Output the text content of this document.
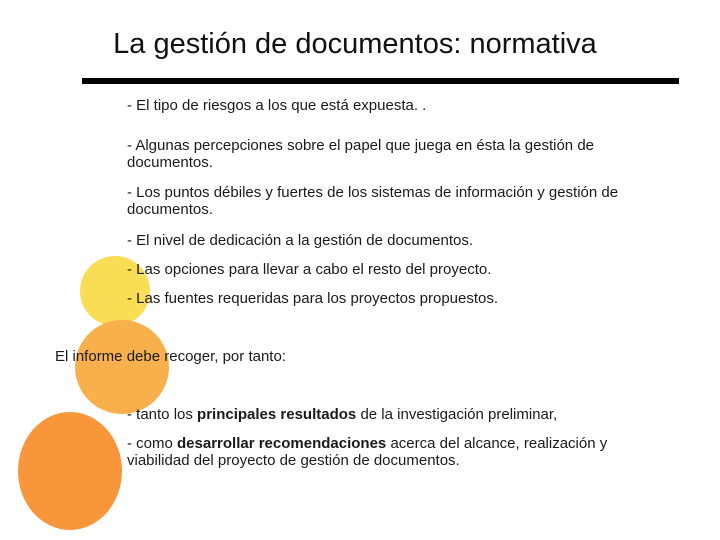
La gestión de documentos: normativa

- El tipo de riesgos a los que está expuesta. .

- Algunas percepciones sobre el papel que juega en ésta la gestión de documentos.

- Los puntos débiles y fuertes de los sistemas de información y gestión de documentos.

- El nivel de dedicación a la gestión de documentos.

- Las opciones para llevar a cabo el resto del proyecto.

- Las fuentes requeridas para los proyectos propuestos.

El informe debe recoger, por tanto:

- tanto los principales resultados de la investigación preliminar,

- como desarrollar recomendaciones acerca del alcance, realización y viabilidad del proyecto de gestión de documentos.
